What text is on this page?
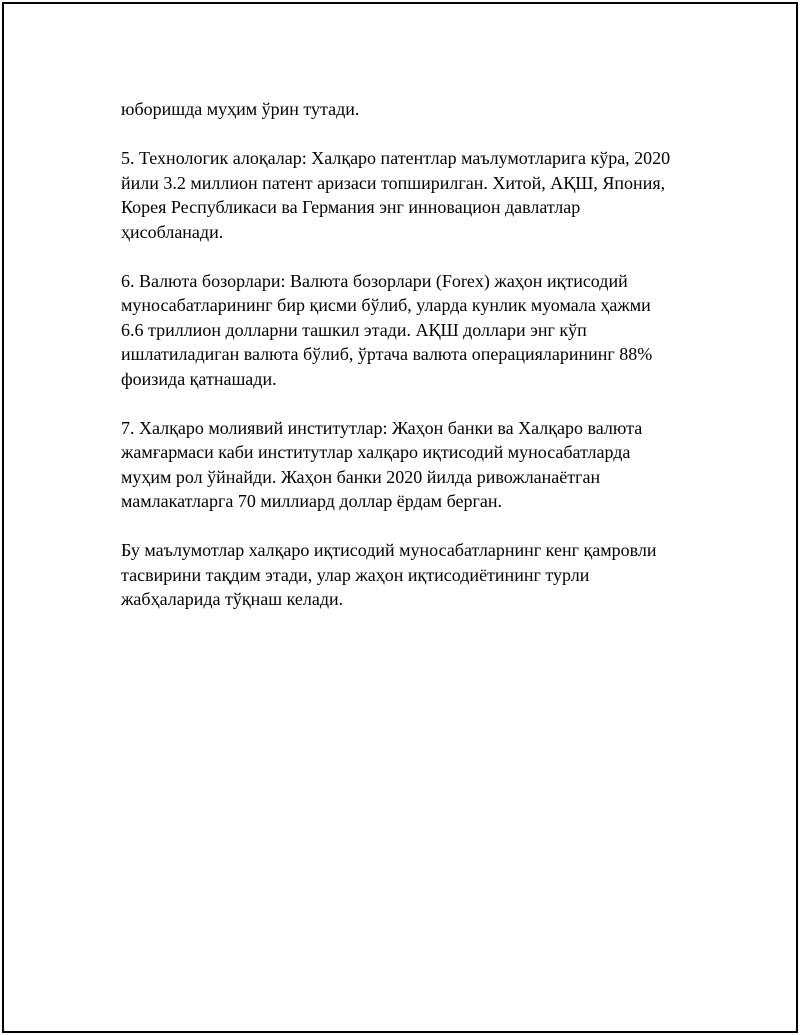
юборишда муҳим ўрин тутади.

5. Технологик алоқалар: Халқаро патентлар маълумотларига кўра, 2020
йили 3.2 миллион патент аризаси топширилган. Хитой, АҚШ, Япония,
Корея Республикаси ва Германия энг инновацион давлатлар
ҳисобланади.

6. Валюта бозорлари: Валюта бозорлари (Forex) жаҳон иқтисодий
муносабатларининг бир қисми бўлиб, уларда кунлик муомала ҳажми
6.6 триллион долларни ташкил этади. АҚШ доллари энг кўп
ишлатиладиган валюта бўлиб, ўртача валюта операцияларининг 88%
фоизида қатнашади.

7. Халқаро молиявий институтлар: Жаҳон банки ва Халқаро валюта
жамғармаси каби институтлар халқаро иқтисодий муносабатларда
муҳим рол ўйнайди. Жаҳон банки 2020 йилда ривожланаётган
мамлакатларга 70 миллиард доллар ёрдам берган.

Бу маълумотлар халқаро иқтисодий муносабатларнинг кенг қамровли
тасвирини тақдим этади, улар жаҳон иқтисодиётининг турли
жабҳаларида тўқнаш келади.
